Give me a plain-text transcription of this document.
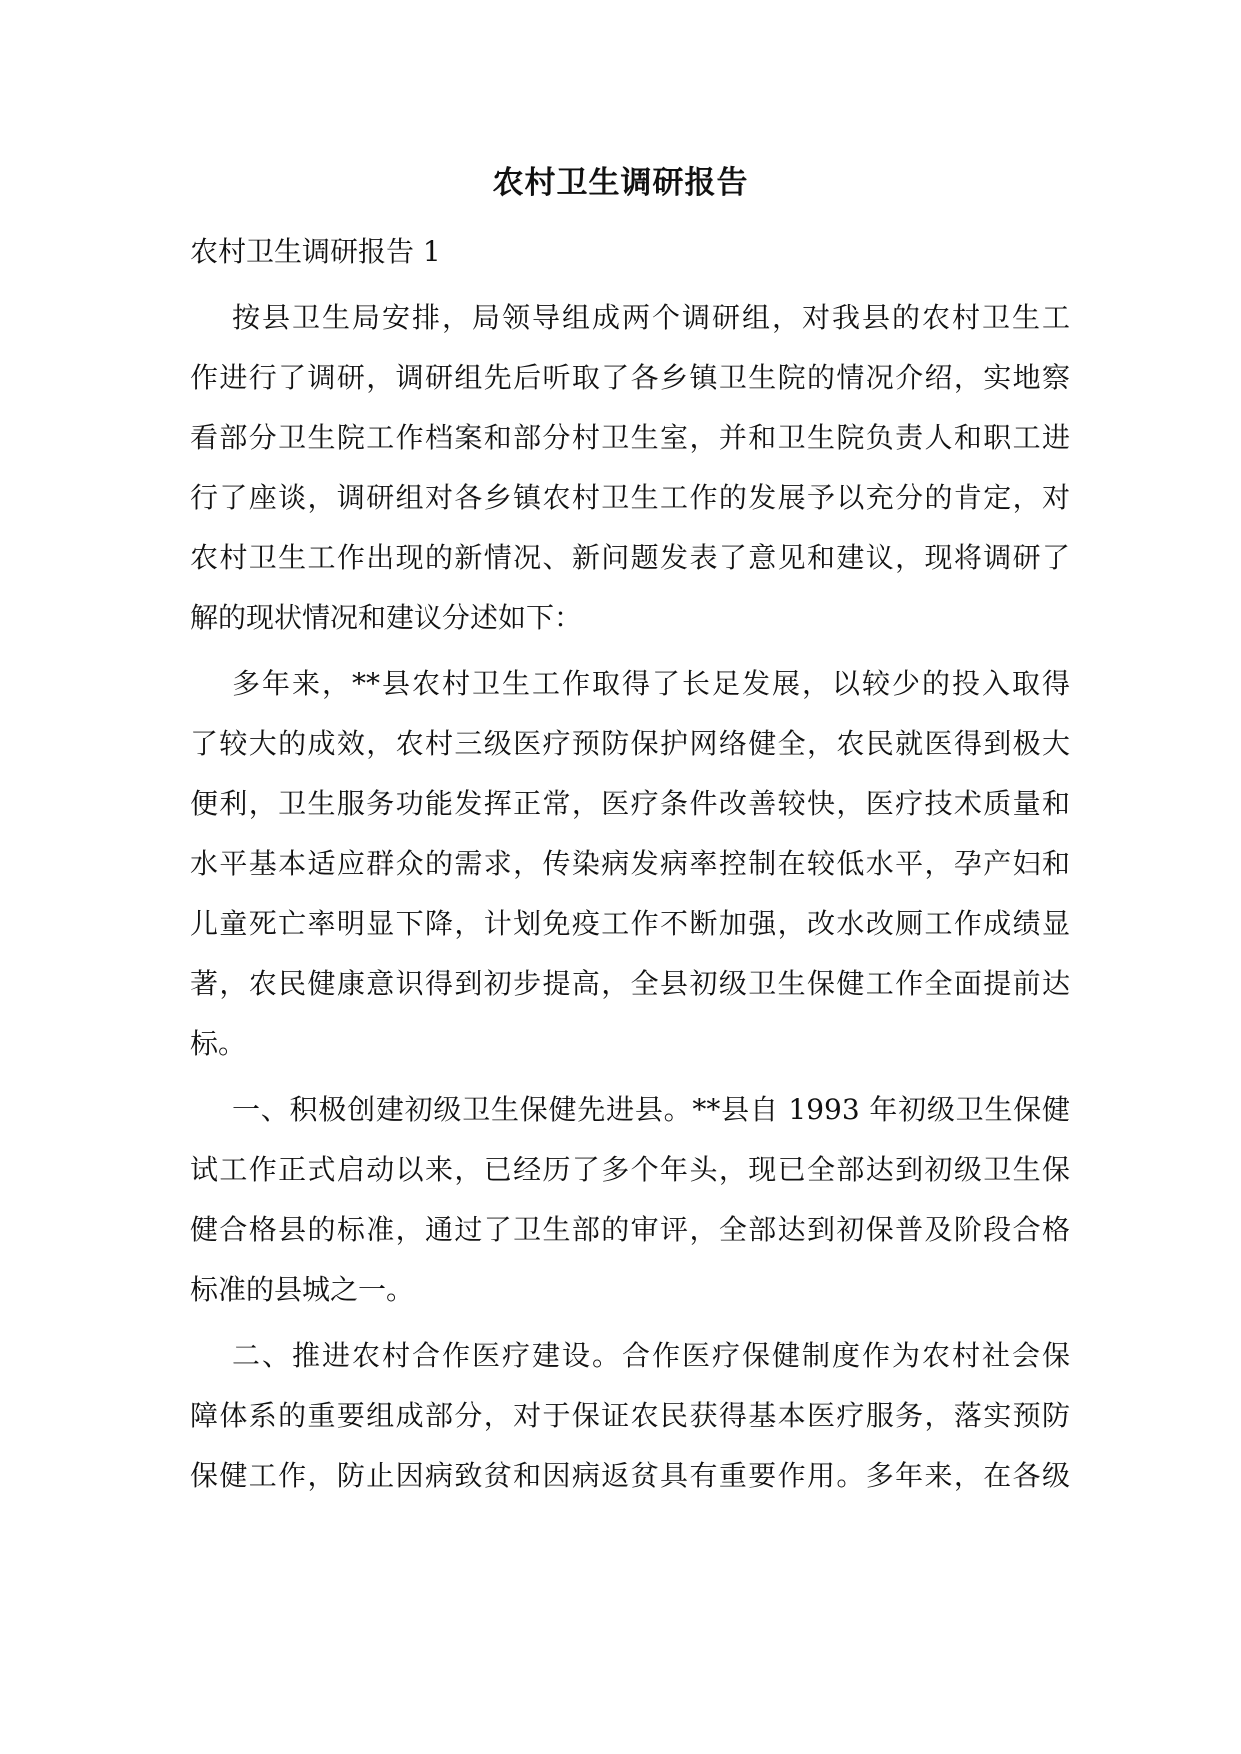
农村卫生调研报告

农村卫生调研报告 1

按县卫生局安排，局领导组成两个调研组，对我县的农村卫生工

作进行了调研，调研组先后听取了各乡镇卫生院的情况介绍，实地察

看部分卫生院工作档案和部分村卫生室，并和卫生院负责人和职工进

行了座谈，调研组对各乡镇农村卫生工作的发展予以充分的肯定，对

农村卫生工作出现的新情况、新问题发表了意见和建议，现将调研了

解的现状情况和建议分述如下：

多年来，**县农村卫生工作取得了长足发展，以较少的投入取得

了较大的成效，农村三级医疗预防保护网络健全，农民就医得到极大

便利，卫生服务功能发挥正常，医疗条件改善较快，医疗技术质量和

水平基本适应群众的需求，传染病发病率控制在较低水平，孕产妇和

儿童死亡率明显下降，计划免疫工作不断加强，改水改厕工作成绩显

著，农民健康意识得到初步提高，全县初级卫生保健工作全面提前达

标。

一、积极创建初级卫生保健先进县。**县自 1993 年初级卫生保健

试工作正式启动以来，已经历了多个年头，现已全部达到初级卫生保

健合格县的标准，通过了卫生部的审评，全部达到初保普及阶段合格

标准的县城之一。

二、推进农村合作医疗建设。合作医疗保健制度作为农村社会保

障体系的重要组成部分，对于保证农民获得基本医疗服务，落实预防

保健工作，防止因病致贫和因病返贫具有重要作用。多年来，在各级
